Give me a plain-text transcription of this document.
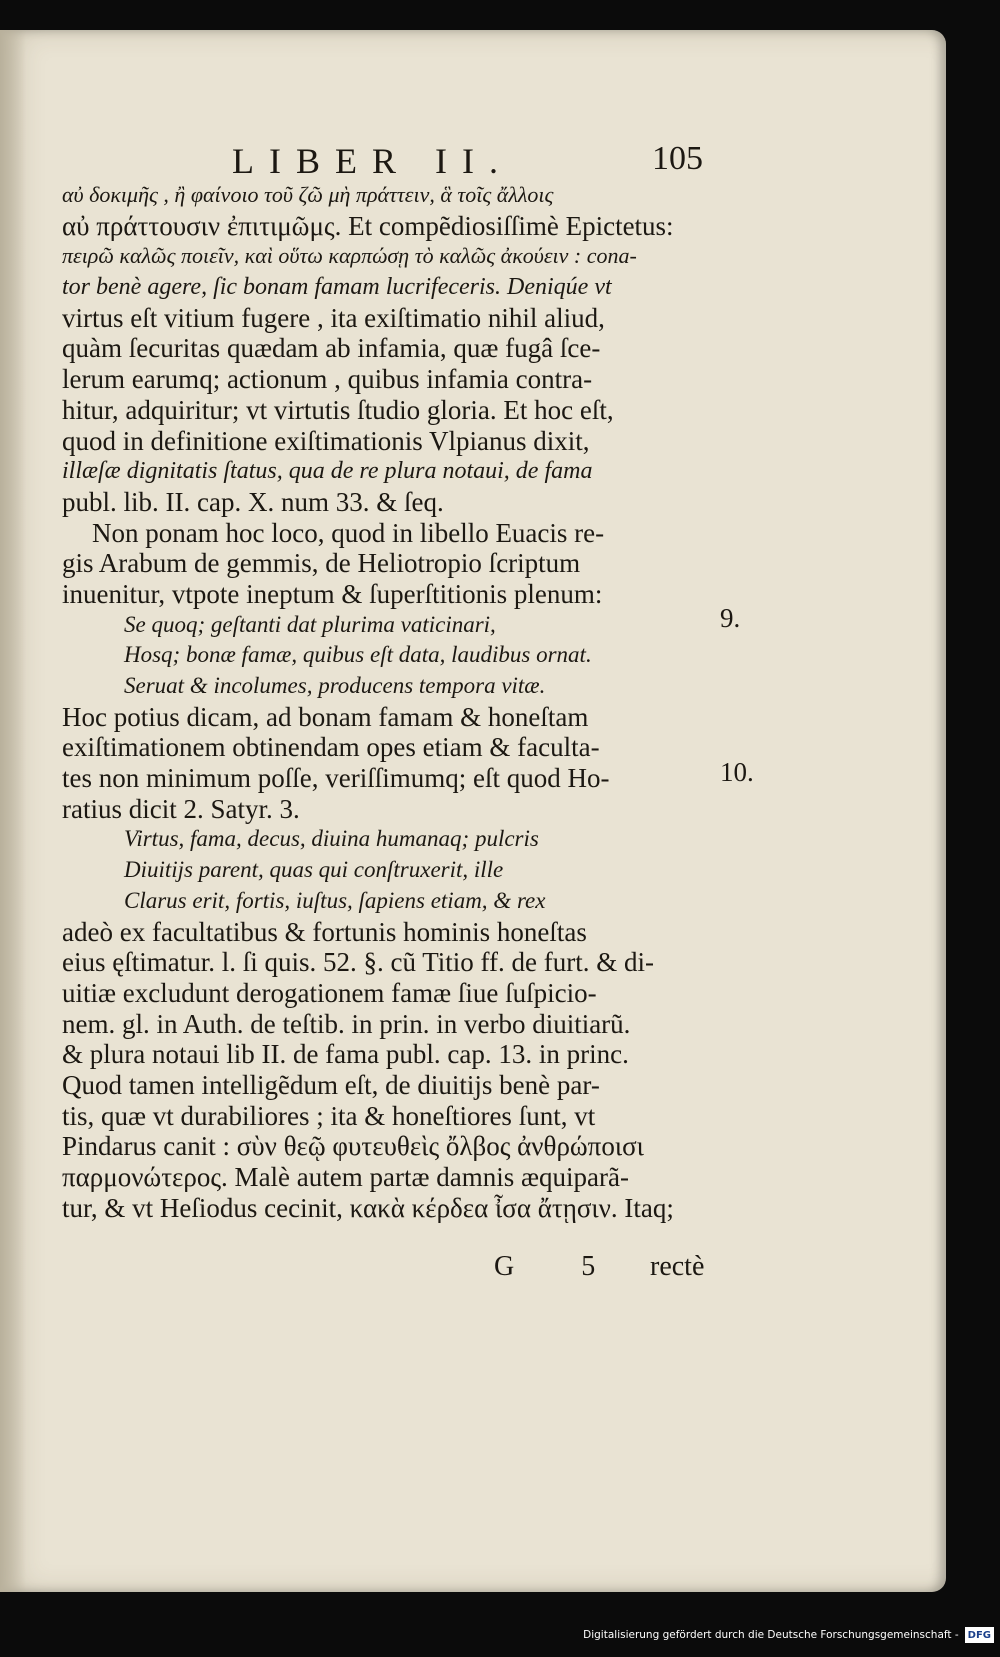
LIBER II.	105
αὐ δοκιμῆς , ἢ φαίνοιο τοῦ ζῶ μὴ πράττειν, ἃ τοῖς ἄλλοις
αὐ πράττουσιν ἐπιτιμῶμς. Et compẽdiosiſſimè Epictetus:
πειρῶ καλῶς ποιεῖν, καὶ οὕτω καρπώσῃ τὸ καλῶς ἀκούειν : cona-
tor benè agere, ſic bonam famam lucrifeceris. Deniqúe vt
virtus eſt vitium fugere , ita exiſtimatio nihil aliud,
quàm ſecuritas quædam ab infamia, quæ fugâ ſce-
lerum earumq; actionum , quibus infamia contra-
hitur, adquiritur; vt virtutis ſtudio gloria. Et hoc eſt,
quod in definitione exiſtimationis Vlpianus dixit,
illæſæ dignitatis ſtatus, qua de re plura notaui, de fama
publ. lib. II. cap. X. num 33. & ſeq.
Non ponam hoc loco, quod in libello Euacis re-
gis Arabum de gemmis, de Heliotropio ſcriptum
inuenitur, vtpote ineptum & ſuperſtitionis plenum:
Se quoq; geſtanti dat plurima vaticinari,
Hosq; bonæ famæ, quibus eſt data, laudibus ornat.
Seruat & incolumes, producens tempora vitæ.
Hoc potius dicam, ad bonam famam & honeſtam
exiſtimationem obtinendam opes etiam & faculta-
tes non minimum poſſe, veriſſimumq; eſt quod Ho-
ratius dicit 2. Satyr. 3.
Virtus, fama, decus, diuina humanaq; pulcris
Diuitijs parent, quas qui conſtruxerit, ille
Clarus erit, fortis, iuſtus, ſapiens etiam, & rex
adeò ex facultatibus & fortunis hominis honeſtas
eius ęſtimatur. l. ſi quis. 52. §. cũ Titio ff. de furt. & di-
uitiæ excludunt derogationem famæ ſiue ſuſpicio-
nem. gl. in Auth. de teſtib. in prin. in verbo diuitiarũ.
& plura notaui lib II. de fama publ. cap. 13. in princ.
Quod tamen intelligẽdum eſt, de diuitijs benè par-
tis, quæ vt durabiliores ; ita & honeſtiores ſunt, vt
Pindarus canit : σὺν θεῷ φυτευθεὶς ὄλβος ἀνθρώποισι
παρμονώτερος. Malè autem partæ damnis æquiparã-
tur, & vt Heſiodus cecinit, κακὰ κέρδεα ἶσα ἄτῃσιν. Itaq;
9.
10.
G 5 rectè
Digitalisierung gefördert durch die Deutsche Forschungsgemeinschaft - DFG
